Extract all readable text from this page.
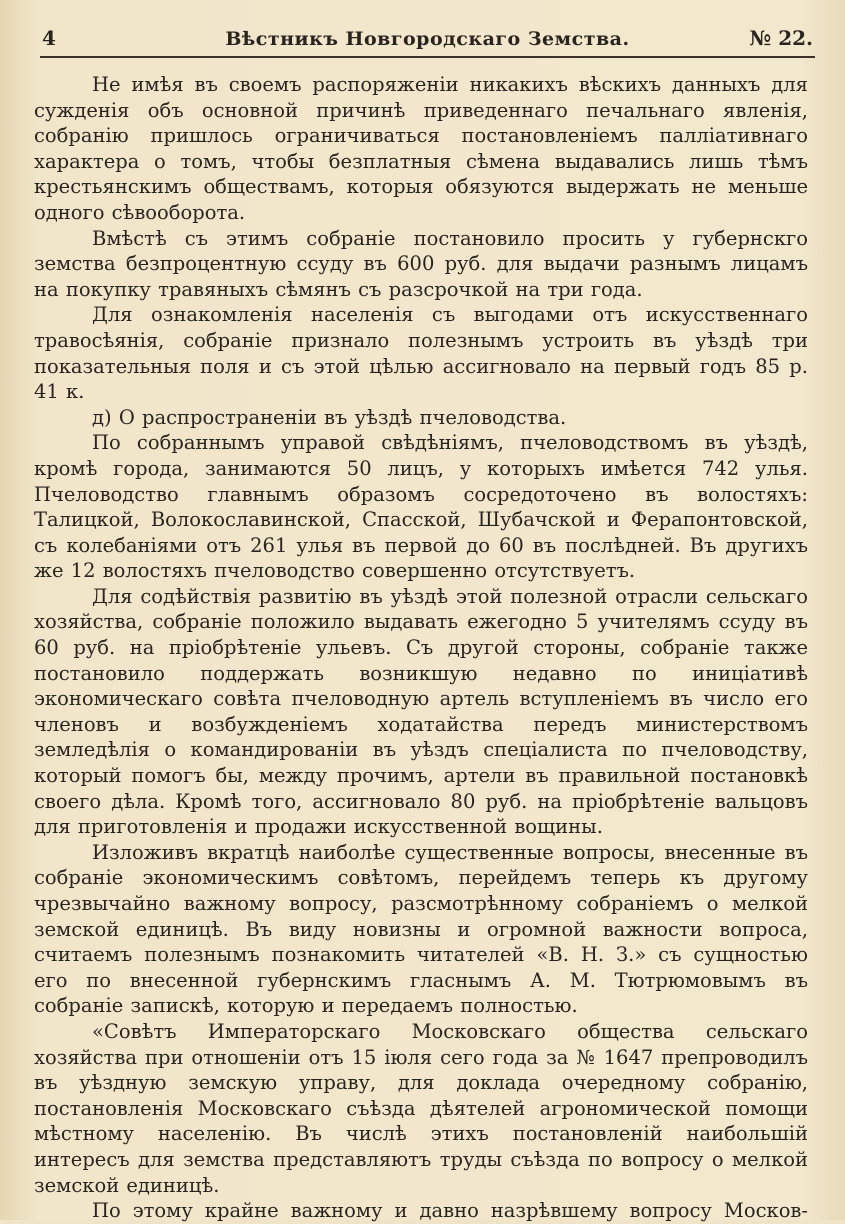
4	Вѣстникъ Новгородскаго Земства.	№ 22.

Не имѣя въ своемъ распоряженіи никакихъ вѣскихъ данныхъ для сужденія объ основной причинѣ приведеннаго печальнаго явленія, собранію пришлось ограничиваться постановленіемъ паллiативнаго характера о томъ, чтобы безплатныя сѣмена выдавались лишь тѣмъ крестьянскимъ обществамъ, которыя обязуются выдержать не меньше одного сѣвооборота.

Вмѣстѣ съ этимъ собраніе постановило просить у губернскго земства безпроцентную ссуду въ 600 руб. для выдачи разнымъ лицамъ на покупку травяныхъ сѣмянъ съ разсрочкой на три года.

Для ознакомленія населенія съ выгодами отъ искусственнаго травосѣянія, собраніе признало полезнымъ устроить въ уѣздѣ три показательныя поля и съ этой цѣлью ассигновало на первый годъ 85 р. 41 к.

д) О распространеніи въ уѣздѣ пчеловодства.

По собраннымъ управой свѣдѣніямъ, пчеловодствомъ въ уѣздѣ, кромѣ города, занимаются 50 лицъ, у которыхъ имѣется 742 улья. Пчеловодство главнымъ образомъ сосредоточено въ волостяхъ: Талицкой, Волокославинской, Спасской, Шубачской и Ферапонтовской, съ колебаніями отъ 261 улья въ первой до 60 въ послѣдней. Въ другихъ же 12 волостяхъ пчеловодство совершенно отсутствуетъ.

Для содѣйствія развитію въ уѣздѣ этой полезной отрасли сельскаго хозяйства, собраніе положило выдавать ежегодно 5 учителямъ ссуду въ 60 руб. на пріобрѣтеніе ульевъ. Съ другой стороны, собраніе также постановило поддержать возникшую недавно по иниціативѣ экономическаго совѣта пчеловодную артель вступленіемъ въ число его членовъ и возбужденіемъ ходатайства передъ министерствомъ земледѣлія о командированіи въ уѣздъ спеціалиста по пчеловодству, который помогъ бы, между прочимъ, артели въ правильной постановкѣ своего дѣла. Кромѣ того, ассигновало 80 руб. на пріобрѣтеніе вальцовъ для приготовленія и продажи искусственной вощины.

Изложивъ вкратцѣ наиболѣе существенные вопросы, внесенные въ собраніе экономическимъ совѣтомъ, перейдемъ теперь къ другому чрезвычайно важному вопросу, разсмотрѣнному собраніемъ о мелкой земской единицѣ. Въ виду новизны и огромной важности вопроса, считаемъ полезнымъ познакомить читателей «В. Н. З.» съ сущностью его по внесенной губернскимъ гласнымъ А. М. Тютрюмовымъ въ собраніе запискѣ, которую и передаемъ полностью.

«Совѣтъ Императорскаго Московскаго общества сельскаго хозяйства при отношеніи отъ 15 іюля сего года за № 1647 препроводилъ въ уѣздную земскую управу, для доклада очередному собранію, постановленія Московскаго съѣзда дѣятелей агрономической помощи мѣстному населенію. Въ числѣ этихъ постановленій наибольшій интересъ для земства представляютъ труды съѣзда по вопросу о мелкой земской единицѣ.

По этому крайне важному и давно назрѣвшему вопросу Москов-
